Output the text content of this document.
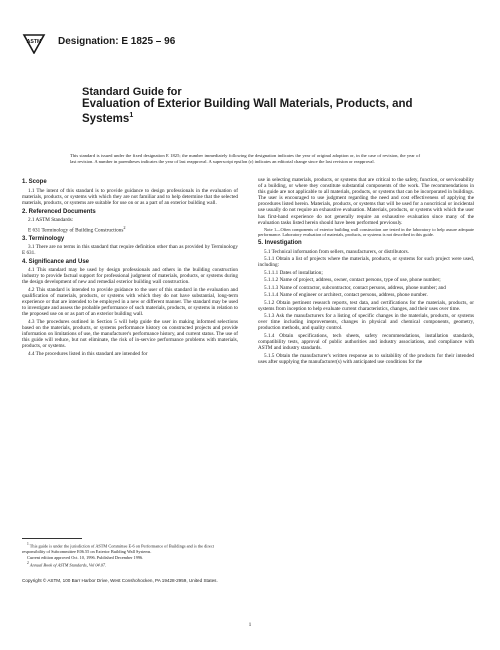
ASTM Designation: E 1825 – 96
Standard Guide for
Evaluation of Exterior Building Wall Materials, Products, and
Systems$^1$
This standard is issued under the fixed designation E 1825; the number immediately following the designation indicates the year of original adoption or, in the case of revision, the year of last revision. A number in parentheses indicates the year of last reapproval. A superscript epsilon (ε) indicates an editorial change since the last revision or reapproval.
1. Scope

1.1 The intent of this standard is to provide guidance to design professionals in the evaluation of materials, products, or systems with which they are not familiar and to help determine that the selected materials, products, or systems are suitable for use on or as a part of an exterior building wall.

2. Referenced Documents

2.1 ASTM Standards:

E 631 Terminology of Building Constructions$^2$

3. Terminology

3.1 There are no terms in this standard that require definition other than as provided by Terminology E 631.

4. Significance and Use

4.1 This standard may be used by design professionals and others in the building construction industry to provide factual support for professional judgment of materials, products, or systems during the design development of new and remedial exterior building wall construction.

4.2 This standard is intended to provide guidance to the user of this standard in the evaluation and qualification of materials, products, or systems with which they do not have substantial, long-term experience or that are intended to be employed in a new or different manner. The standard may be used to investigate and assess the probable performance of such materials, products, or systems in relation to the proposed use on or as part of an exterior building wall.

4.3 The procedures outlined in Section 5 will help guide the user in making informed selections based on the materials, products, or systems performance history on constructed projects and provide information on limitations of use, the manufacturer's performance history, and current status. The use of this guide will reduce, but not eliminate, the risk of in-service performance problems with materials, products, or systems.

4.4 The procedures listed in this standard are intended for

use in selecting materials, products, or systems that are critical to the safety, function, or serviceability of a building, or where they constitute substantial components of the work. The recommendations in this guide are not applicable to all materials, products, or systems that can be incorporated in buildings. The user is encouraged to use judgment regarding the need and cost effectiveness of applying the procedures listed herein. Materials, products, or systems that will be used for a noncritical or incidental use usually do not require an exhaustive evaluation. Materials, products, or systems with which the user has first-hand experience do not generally require an exhaustive evaluation since many of the evaluation tasks listed herein should have been performed previously.

Note 1—Often components of exterior building wall construction are tested in the laboratory to help assure adequate performance. Laboratory evaluation of materials, products, or systems is not described in this guide.

5. Investigation

5.1 Technical information from sellers, manufacturers, or distributors.

5.1.1 Obtain a list of projects where the materials, products, or systems for such project were used, including:

5.1.1.1 Dates of installation;

5.1.1.2 Name of project, address, owner, contact persons, type of use, phone number;

5.1.1.3 Name of contractor, subcontractor, contact persons, address, phone number; and

5.1.1.4 Name of engineer or architect, contact persons, address, phone number.

5.1.2 Obtain pertinent research reports, test data, and certifications for the materials, products, or systems from inception to help evaluate current characteristics, changes, and their uses over time.

5.1.3 Ask the manufacturers for a listing of specific changes in the materials, products, or systems over time including improvements, changes in physical and chemical components, geometry, production methods, and quality control.

5.1.4 Obtain specifications, tech sheets, safety recommendations, installation standards, compatibility tests, approval of public authorities and industry associations, and compliance with ASTM and industry standards.

5.1.5 Obtain the manufacturer's written response as to suitability of the products for their intended uses after supplying the manufacturer(s) with anticipated use conditions for the

$^1$ This guide is under the jurisdiction of ASTM Committee E-6 on Performance of Buildings and is the direct responsibility of Subcommittee E06.55 on Exterior Building Wall Systems.

Current edition approved Oct. 10, 1996. Published December 1996.

$^2$ Annual Book of ASTM Standards, Vol 04.07.

Copyright © ASTM, 100 Barr Harbor Drive, West Conshohocken, PA 19428-2959, United States.
1
